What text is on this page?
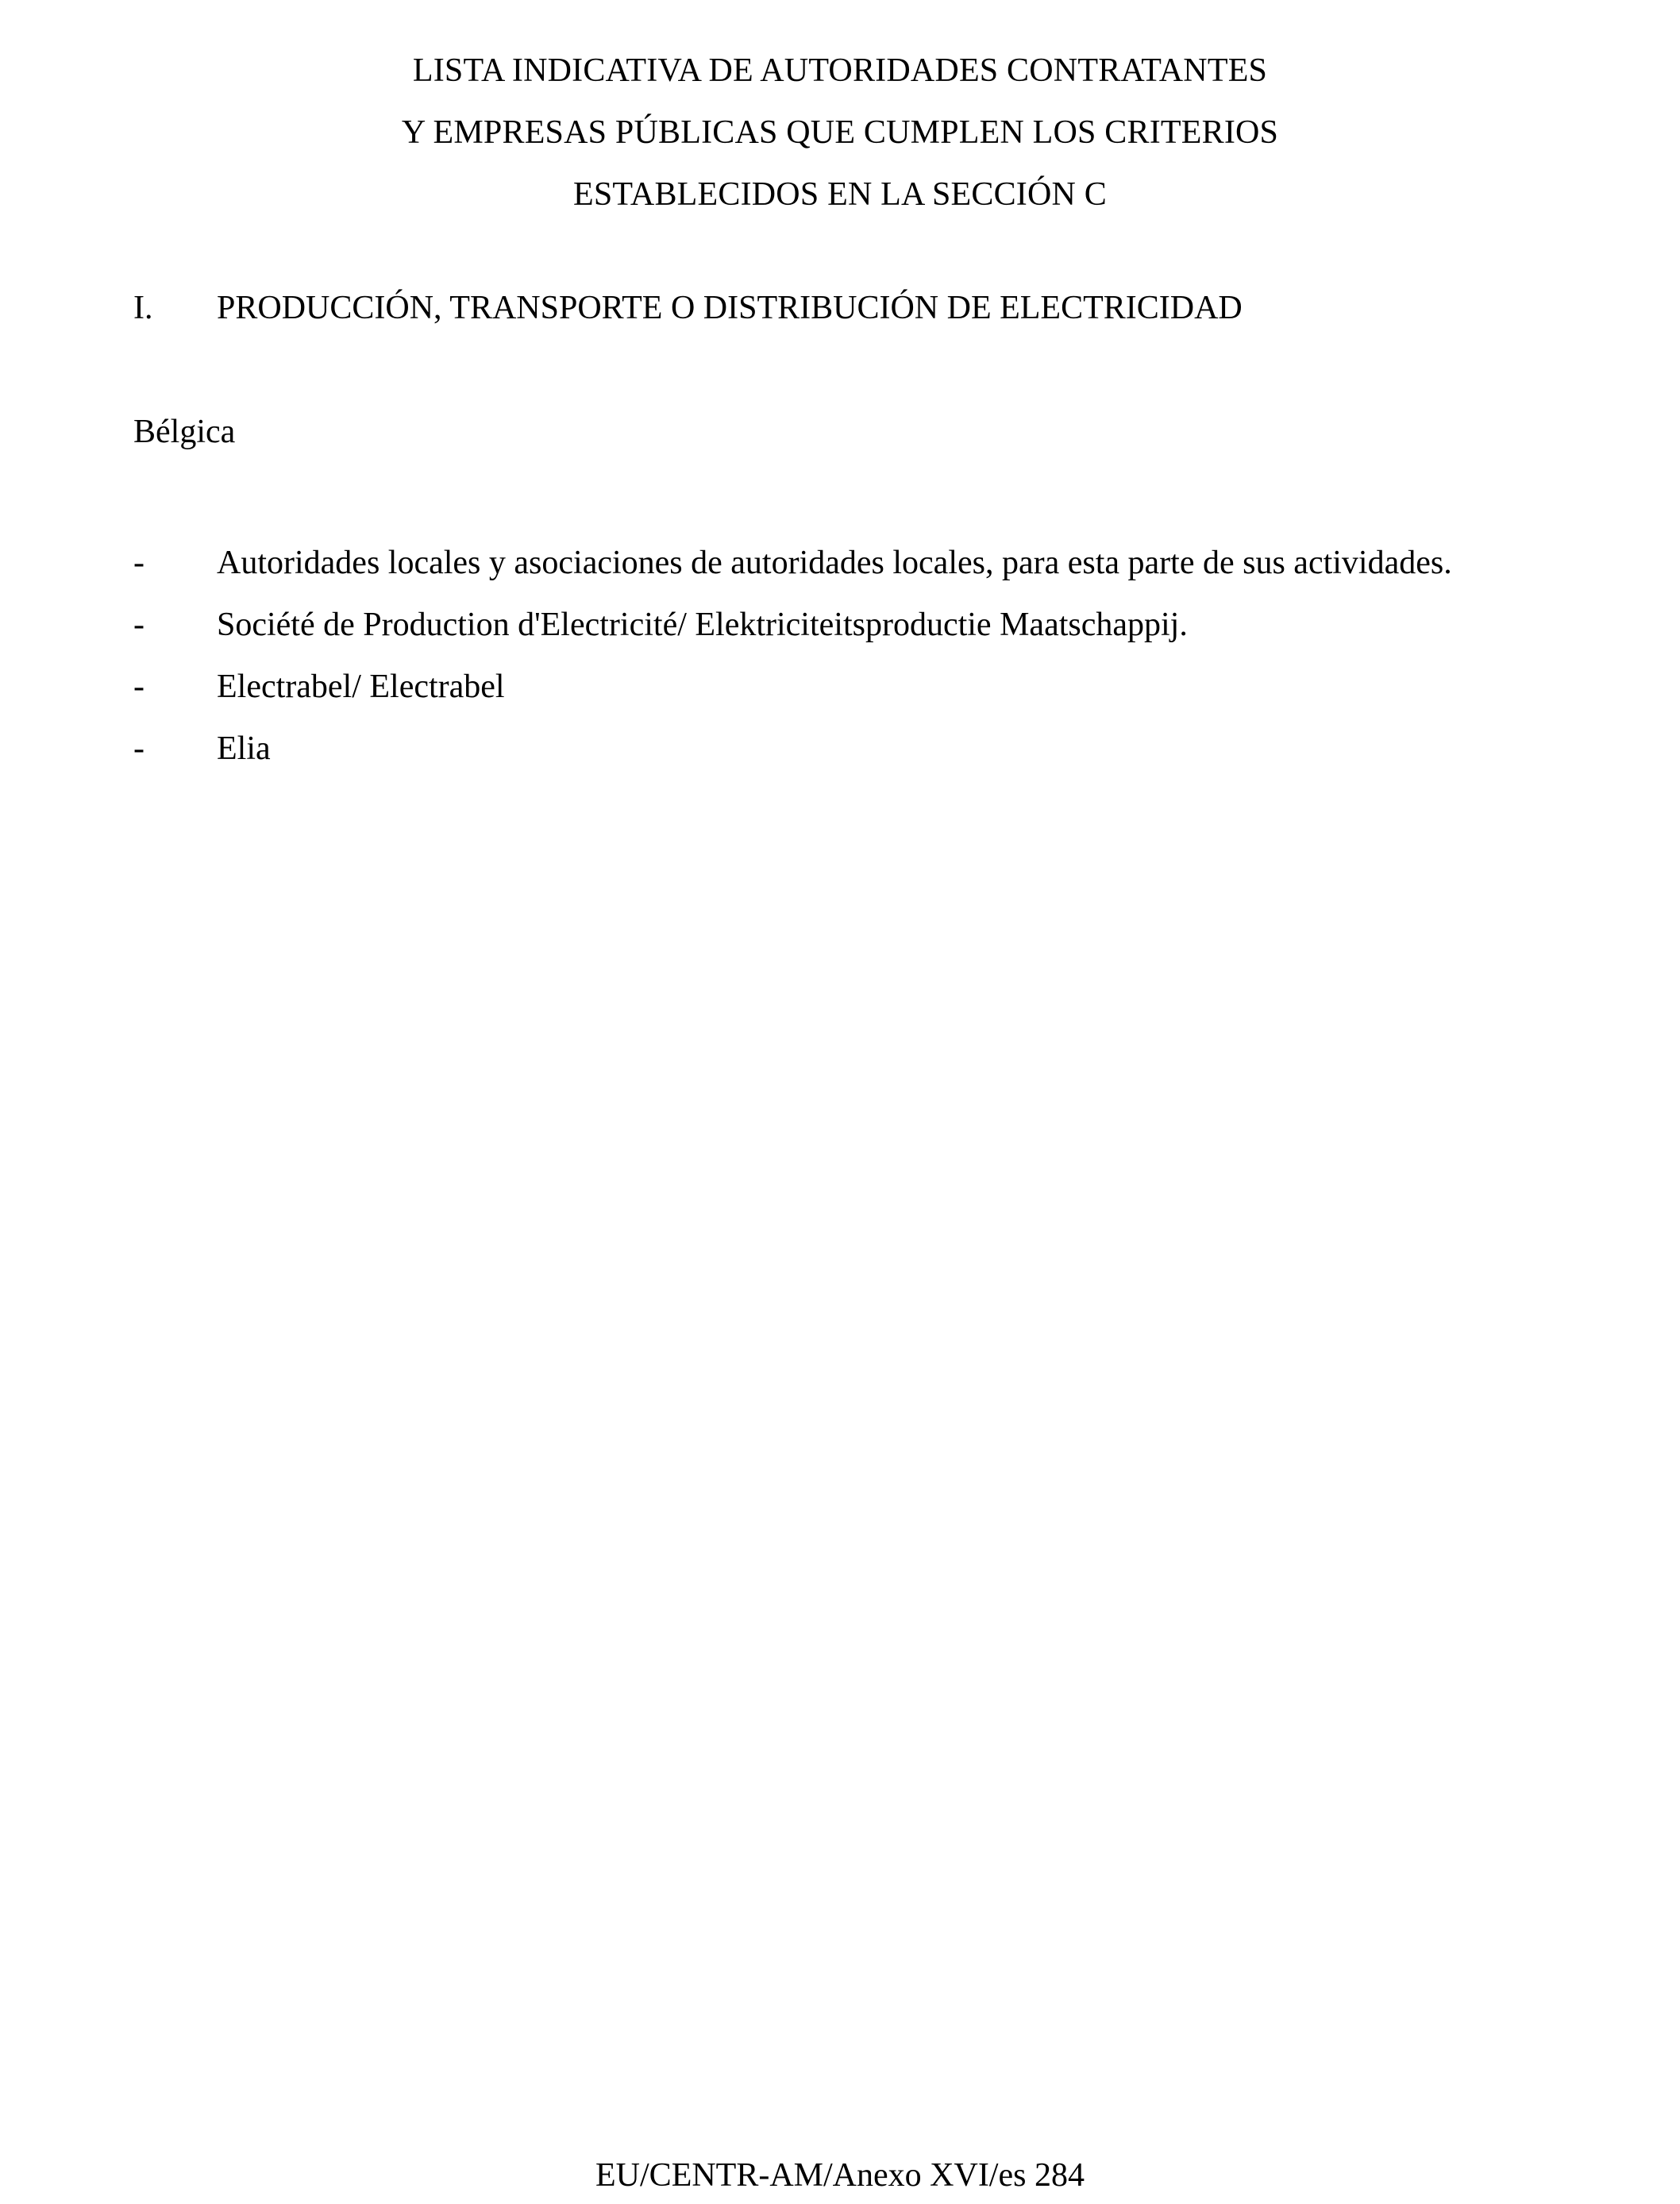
LISTA INDICATIVA DE AUTORIDADES CONTRATANTES
Y EMPRESAS PÚBLICAS QUE CUMPLEN LOS CRITERIOS
ESTABLECIDOS EN LA SECCIÓN C
I. PRODUCCIÓN, TRANSPORTE O DISTRIBUCIÓN DE ELECTRICIDAD
Bélgica
-	Autoridades locales y asociaciones de autoridades locales, para esta parte de sus actividades.
-	Société de Production d'Electricité/ Elektriciteitsproductie Maatschappij.
-	Electrabel/ Electrabel
-	Elia
EU/CENTR-AM/Anexo XVI/es 284
